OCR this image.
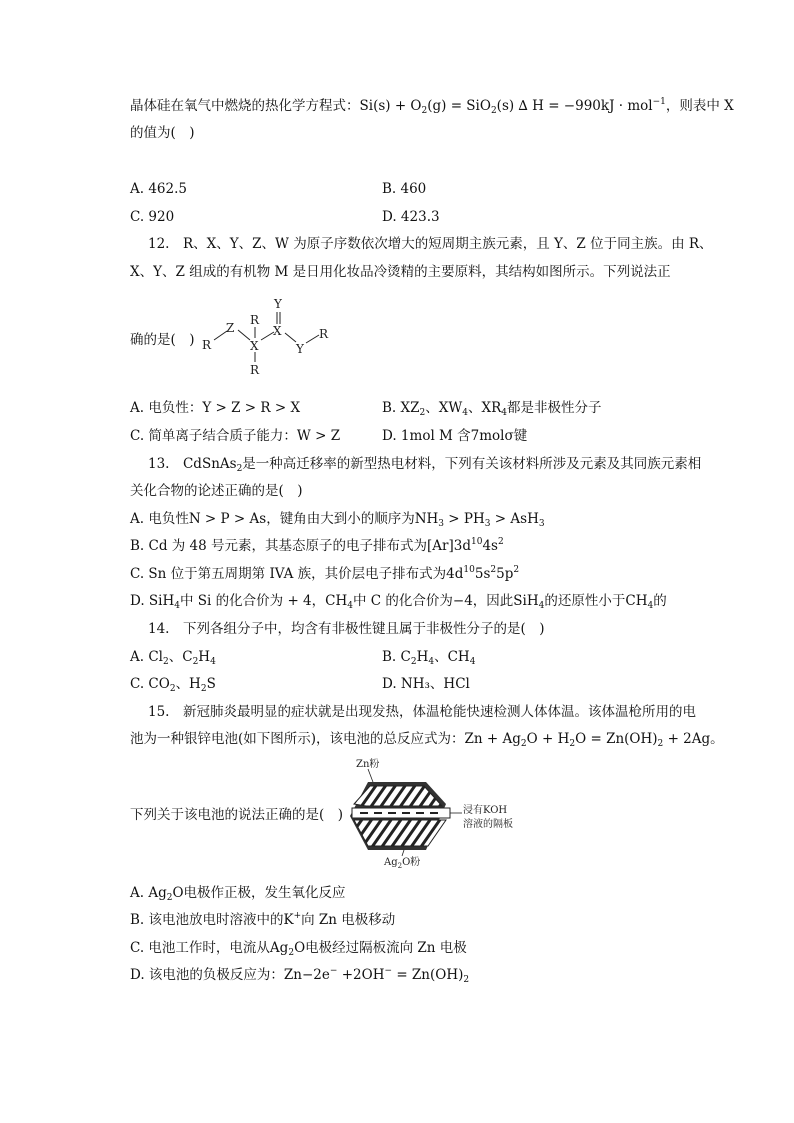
晶体硅在氧气中燃烧的热化学方程式：$Si(s) + O_2(g) = SiO_2(s)$ ∆ H = −990kJ · mol$^{-1}$，则表中 X
的值为(　)
A. 462.5	B. 460
C. 920	D. 423.3
12.　R、X、Y、Z、W 为原子序数依次增大的短周期主族元素，且 Y、Z 位于同主族。由 R、
X、Y、Z 组成的有机物 M 是日用化妆品冷烫精的主要原料，其结构如图所示。下列说法正
确的是(　) R
Z
X
R
R
X
Y
Y
R
A. 电负性：Y > Z > R > X	B. $XZ_2$、$XW_4$、$XR_4$都是非极性分子
C. 简单离子结合质子能力：W > Z	D. 1mol M 含7molσ键
13.　CdSnAs$_2$是一种高迁移率的新型热电材料，下列有关该材料所涉及元素及其同族元素相
关化合物的论述正确的是(　)
A. 电负性N > P > As，键角由大到小的顺序为$NH_3 > PH_3 > AsH_3$
B. Cd 为 48 号元素，其基态原子的电子排布式为$[Ar]3d^{10}4s^2$
C. Sn 位于第五周期第 IVA 族，其价层电子排布式为$4d^{10}5s^25p^2$
D. SiH$_4$中 Si 的化合价为 + 4，$CH_4$中 C 的化合价为−4，因此SiH$_4$的还原性小于$CH_4$的
14.　下列各组分子中，均含有非极性键且属于非极性分子的是(　)
A. $Cl_2$、$C_2H_4$	B. $C_2H_4$、$CH_4$
C. $CO_2$、$H_2S$	D. NH₃、HCl
15.　新冠肺炎最明显的症状就是出现发热，体温枪能快速检测人体体温。该体温枪所用的电
池为一种银锌电池(如下图所示)，该电池的总反应式为：$Zn + Ag_2O + H_2O = Zn(OH)_2 + 2Ag$。
下列关于该电池的说法正确的是(　)
Zn粉
浸有KOH
溶液的隔板
$Ag_2O$粉
A. $Ag_2O$电极作正极，发生氧化反应
B. 该电池放电时溶液中的K+向 Zn 电极移动
C. 电池工作时，电流从$Ag_2O$电极经过隔板流向 Zn 电极
D. 该电池的负极反应为：$Zn-2e^- +2OH^- = Zn(OH)_2$
